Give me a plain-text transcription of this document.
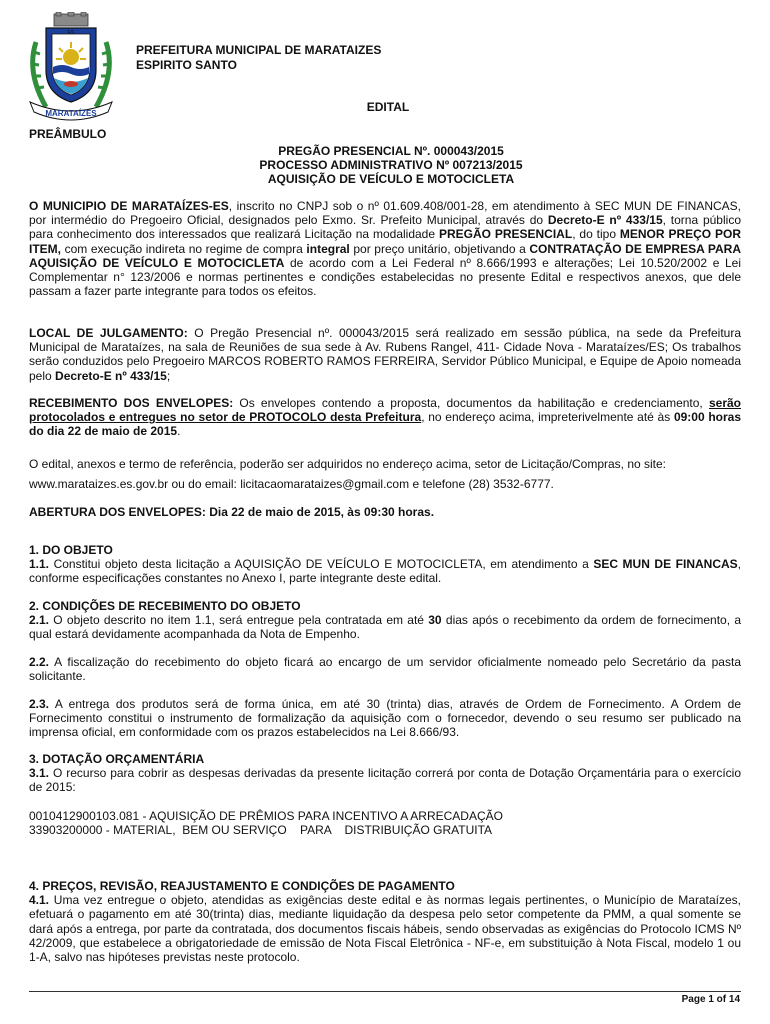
MARATAÍZES
ES
PREFEITURA MUNICIPAL DE MARATAIZES
ESPIRITO SANTO
EDITAL
PREÂMBULO
PREGÃO PRESENCIAL Nº. 000043/2015
PROCESSO ADMINISTRATIVO Nº 007213/2015
AQUISIÇÃO DE VEÍCULO E MOTOCICLETA

O MUNICIPIO DE MARATAÍZES-ES, inscrito no CNPJ sob o nº 01.609.408/001-28, em atendimento à SEC MUN DE FINANCAS, por intermédio do Pregoeiro Oficial, designados pelo Exmo. Sr. Prefeito Municipal, através do Decreto-E nº 433/15, torna público para conhecimento dos interessados que realizará Licitação na modalidade PREGÃO PRESENCIAL, do tipo MENOR PREÇO POR ITEM, com execução indireta no regime de compra integral por preço unitário, objetivando a CONTRATAÇÃO DE EMPRESA PARA AQUISIÇÃO DE VEÍCULO E MOTOCICLETA de acordo com a Lei Federal nº 8.666/1993 e alterações; Lei 10.520/2002 e Lei Complementar n° 123/2006 e normas pertinentes e condições estabelecidas no presente Edital e respectivos anexos, que dele passam a fazer parte integrante para todos os efeitos.

LOCAL DE JULGAMENTO: O Pregão Presencial nº. 000043/2015 será realizado em sessão pública, na sede da Prefeitura Municipal de Marataízes, na sala de Reuniões de sua sede à Av. Rubens Rangel, 411- Cidade Nova - Marataízes/ES; Os trabalhos serão conduzidos pelo Pregoeiro MARCOS ROBERTO RAMOS FERREIRA, Servidor Público Municipal, e Equipe de Apoio nomeada pelo Decreto-E nº 433/15;

RECEBIMENTO DOS ENVELOPES: Os envelopes contendo a proposta, documentos da habilitação e credenciamento, serão protocolados e entregues no setor de PROTOCOLO desta Prefeitura, no endereço acima, impreterivelmente até às 09:00 horas do dia 22 de maio de 2015.

O edital, anexos e termo de referência, poderão ser adquiridos no endereço acima, setor de Licitação/Compras, no site:
www.marataizes.es.gov.br ou do email: licitacaomarataizes@gmail.com e telefone (28) 3532-6777.
ABERTURA DOS ENVELOPES: Dia 22 de maio de 2015, às 09:30 horas.

1. DO OBJETO

1.1. Constitui objeto desta licitação a AQUISIÇÃO DE VEÍCULO E MOTOCICLETA, em atendimento a SEC MUN DE FINANCAS, conforme especificações constantes no Anexo I, parte integrante deste edital.

2. CONDIÇÕES DE RECEBIMENTO DO OBJETO

2.1. O objeto descrito no item 1.1, será entregue pela contratada em até 30 dias após o recebimento da ordem de fornecimento, a qual estará devidamente acompanhada da Nota de Empenho.

2.2. A fiscalização do recebimento do objeto ficará ao encargo de um servidor oficialmente nomeado pelo Secretário da pasta solicitante.

2.3. A entrega dos produtos será de forma única, em até 30 (trinta) dias, através de Ordem de Fornecimento. A Ordem de Fornecimento constitui o instrumento de formalização da aquisição com o fornecedor, devendo o seu resumo ser publicado na imprensa oficial, em conformidade com os prazos estabelecidos na Lei 8.666/93.

3. DOTAÇÃO ORÇAMENTÁRIA

3.1. O recurso para cobrir as despesas derivadas da presente licitação correrá por conta de Dotação Orçamentária para o exercício de 2015:

0010412900103.081 - AQUISIÇÃO DE PRÊMIOS PARA INCENTIVO A ARRECADAÇÃO
33903200000 - MATERIAL,  BEM OU SERVIÇO    PARA    DISTRIBUIÇÃO GRATUITA

4. PREÇOS, REVISÃO, REAJUSTAMENTO E CONDIÇÕES DE PAGAMENTO

4.1. Uma vez entregue o objeto, atendidas as exigências deste edital e às normas legais pertinentes, o Município de Marataízes, efetuará o pagamento em até 30(trinta) dias, mediante liquidação da despesa pelo setor competente da PMM, a qual somente se dará após a entrega, por parte da contratada, dos documentos fiscais hábeis, sendo observadas as exigências do Protocolo ICMS Nº 42/2009, que estabelece a obrigatoriedade de emissão de Nota Fiscal Eletrônica - NF-e, em substituição à Nota Fiscal, modelo 1 ou 1-A, salvo nas hipóteses previstas neste protocolo.

Page 1 of 14
